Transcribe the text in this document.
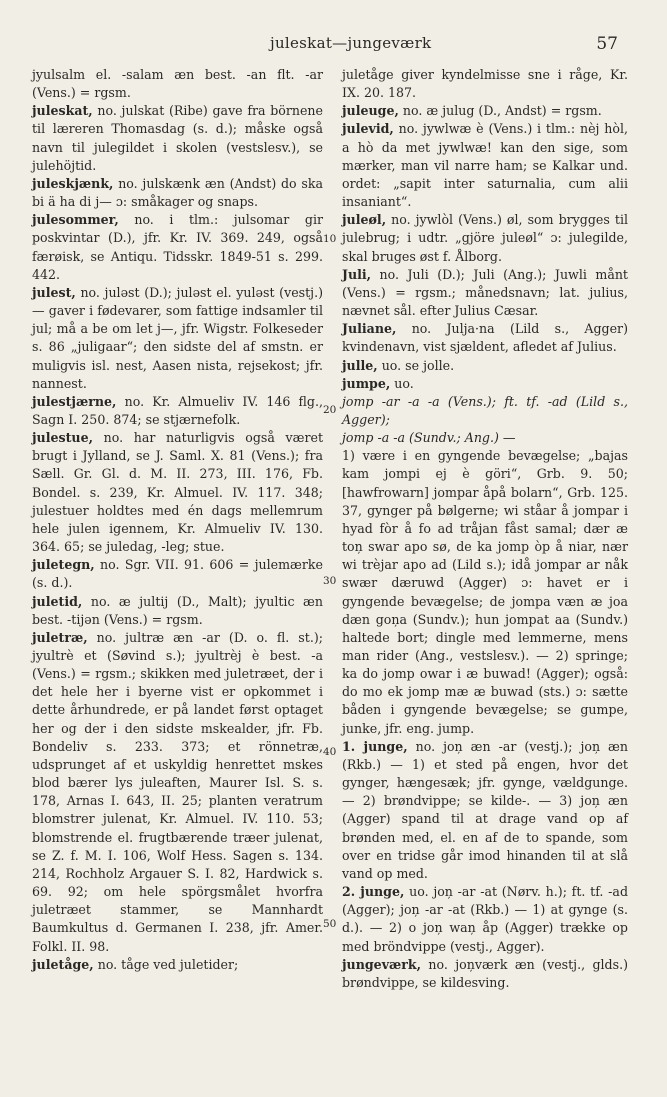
juleskat—jungeværk	57
10
20
30
40
50

jyulsalm el. -salam æn best. -an flt. -ar (Vens.) = rgsm.

juleskat, no. julskat (Ribe) gave fra börnene til læreren Thomasdag (s. d.); måske også navn til julegildet i skolen (vestslesv.), se julehöjtid.

juleskjænk, no. julskænk æn (Andst) do ska bi ä ha di j— ɔ: småkager og snaps.

julesommer, no. i tlm.: julsomar gir poskvintar (D.), jfr. Kr. IV. 369. 249, også færøisk, se Antiqu. Tidsskr. 1849-51 s. 299. 442.

julest, no. juləst (D.); juləst el. yuləst (vestj.) — gaver i fødevarer, som fattige indsamler til jul; må a be om let j—, jfr. Wigstr. Folkeseder s. 86 „juligaar“; den sidste del af smstn. er muligvis isl. nest, Aasen nista, rejsekost; jfr. nannest.

julestjærne, no. Kr. Almueliv IV. 146 flg., Sagn I. 250. 874; se stjærnefolk.

julestue, no. har naturligvis også været brugt i Jylland, se J. Saml. X. 81 (Vens.); fra Sæll. Gr. Gl. d. M. II. 273, III. 176, Fb. Bondel. s. 239, Kr. Almuel. IV. 117. 348; julestuer holdtes med én dags mellemrum hele julen igennem, Kr. Almueliv IV. 130. 364. 65; se juledag, -leg; stue.

juletegn, no. Sgr. VII. 91. 606 = julemærke (s. d.).

juletid, no. æ jultij (D., Malt); jyultic æn best. -tijən (Vens.) = rgsm.

juletræ, no. jultræ æn -ar (D. o. fl. st.); jyultrè et (Søvind s.); jyultrèj è best. -a (Vens.) = rgsm.; skikken med juletræet, der i det hele her i byerne vist er opkommet i dette århundrede, er på landet først optaget her og der i den sidste mskealder, jfr. Fb. Bondeliv s. 233. 373; et rönnetræ, udsprunget af et uskyldig henrettet mskes blod bærer lys juleaften, Maurer Isl. S. s. 178, Arnas I. 643, II. 25; planten veratrum blomstrer julenat, Kr. Almuel. IV. 110. 53; blomstrende el. frugtbærende træer julenat, se Z. f. M. I. 106, Wolf Hess. Sagen s. 134. 214, Rochholz Argauer S. I. 82, Hardwick s. 69. 92; om hele spörgsmålet hvorfra juletræet stammer, se Mannhardt Baumkultus d. Germanen I. 238, jfr. Amer. Folkl. II. 98.

juletåge, no. tåge ved juletider;

juletåge giver kyndelmisse sne i råge, Kr. IX. 20. 187.

juleuge, no. æ julug (D., Andst) = rgsm.

julevid, no. jywlwæ è (Vens.) i tlm.: nèj hòl, a hò da met jywlwæ! kan den sige, som mærker, man vil narre ham; se Kalkar und. ordet: „sapit inter saturnalia, cum alii insaniant“.

juleøl, no. jywlòl (Vens.) øl, som brygges til julebrug; i udtr. „gjöre juleøl“ ɔ: julegilde, skal bruges øst f. Ålborg.

Juli, no. Juli (D.); Juli (Ang.); Juwli månt (Vens.) = rgsm.; månedsnavn; lat. julius, nævnet sål. efter Julius Cæsar.

Juliane, no. Julja·na (Lild s., Agger) kvindenavn, vist sjældent, afledet af Julius.

julle, uo. se jolle.

jumpe, uo.

jomp -ar -a -a (Vens.); ft. tf. -ad (Lild s., Agger);

jomp -a -a (Sundv.; Ang.) —

1) være i en gyngende bevægelse; „bajas kam jompi ej è göri“, Grb. 9. 50; [hawfrowarn] jompar åpå bolarn“, Grb. 125. 37, gynger på bølgerne; wi ståar å jompar i hyad fòr å fo ad tråjan fåst samal; dær æ toņ swar apo sø, de ka jomp òp å niar, nær wi trèjar apo ad (Lild s.); idå jompar ar nåk swær dæruwd (Agger) ɔ: havet er i gyngende bevægelse; de jompa væn æ joa dæn goņa (Sundv.); hun jompat aa (Sundv.) haltede bort; dingle med lemmerne, mens man rider (Ang., vestslesv.). — 2) springe; ka do jomp owar i æ buwad! (Agger); også: do mo ek jomp mæ æ buwad (sts.) ɔ: sætte båden i gyngende bevægelse; se gumpe, junke, jfr. eng. jump.

1. junge, no. joņ æn -ar (vestj.); joņ æn (Rkb.) — 1) et sted på engen, hvor det gynger, hængesæk; jfr. gynge, vældgunge. — 2) brøndvippe; se kilde-. — 3) joņ æn (Agger) spand til at drage vand op af brønden med, el. en af de to spande, som over en tridse går imod hinanden til at slå vand op med.

2. junge, uo. joņ -ar -at (Nørv. h.); ft. tf. -ad (Agger); joņ -ar -at (Rkb.) — 1) at gynge (s. d.). — 2) o joņ waņ åp (Agger) trække op med bröndvippe (vestj., Agger).

jungeværk, no. joņværk æn (vestj., glds.) brøndvippe, se kildesving.
